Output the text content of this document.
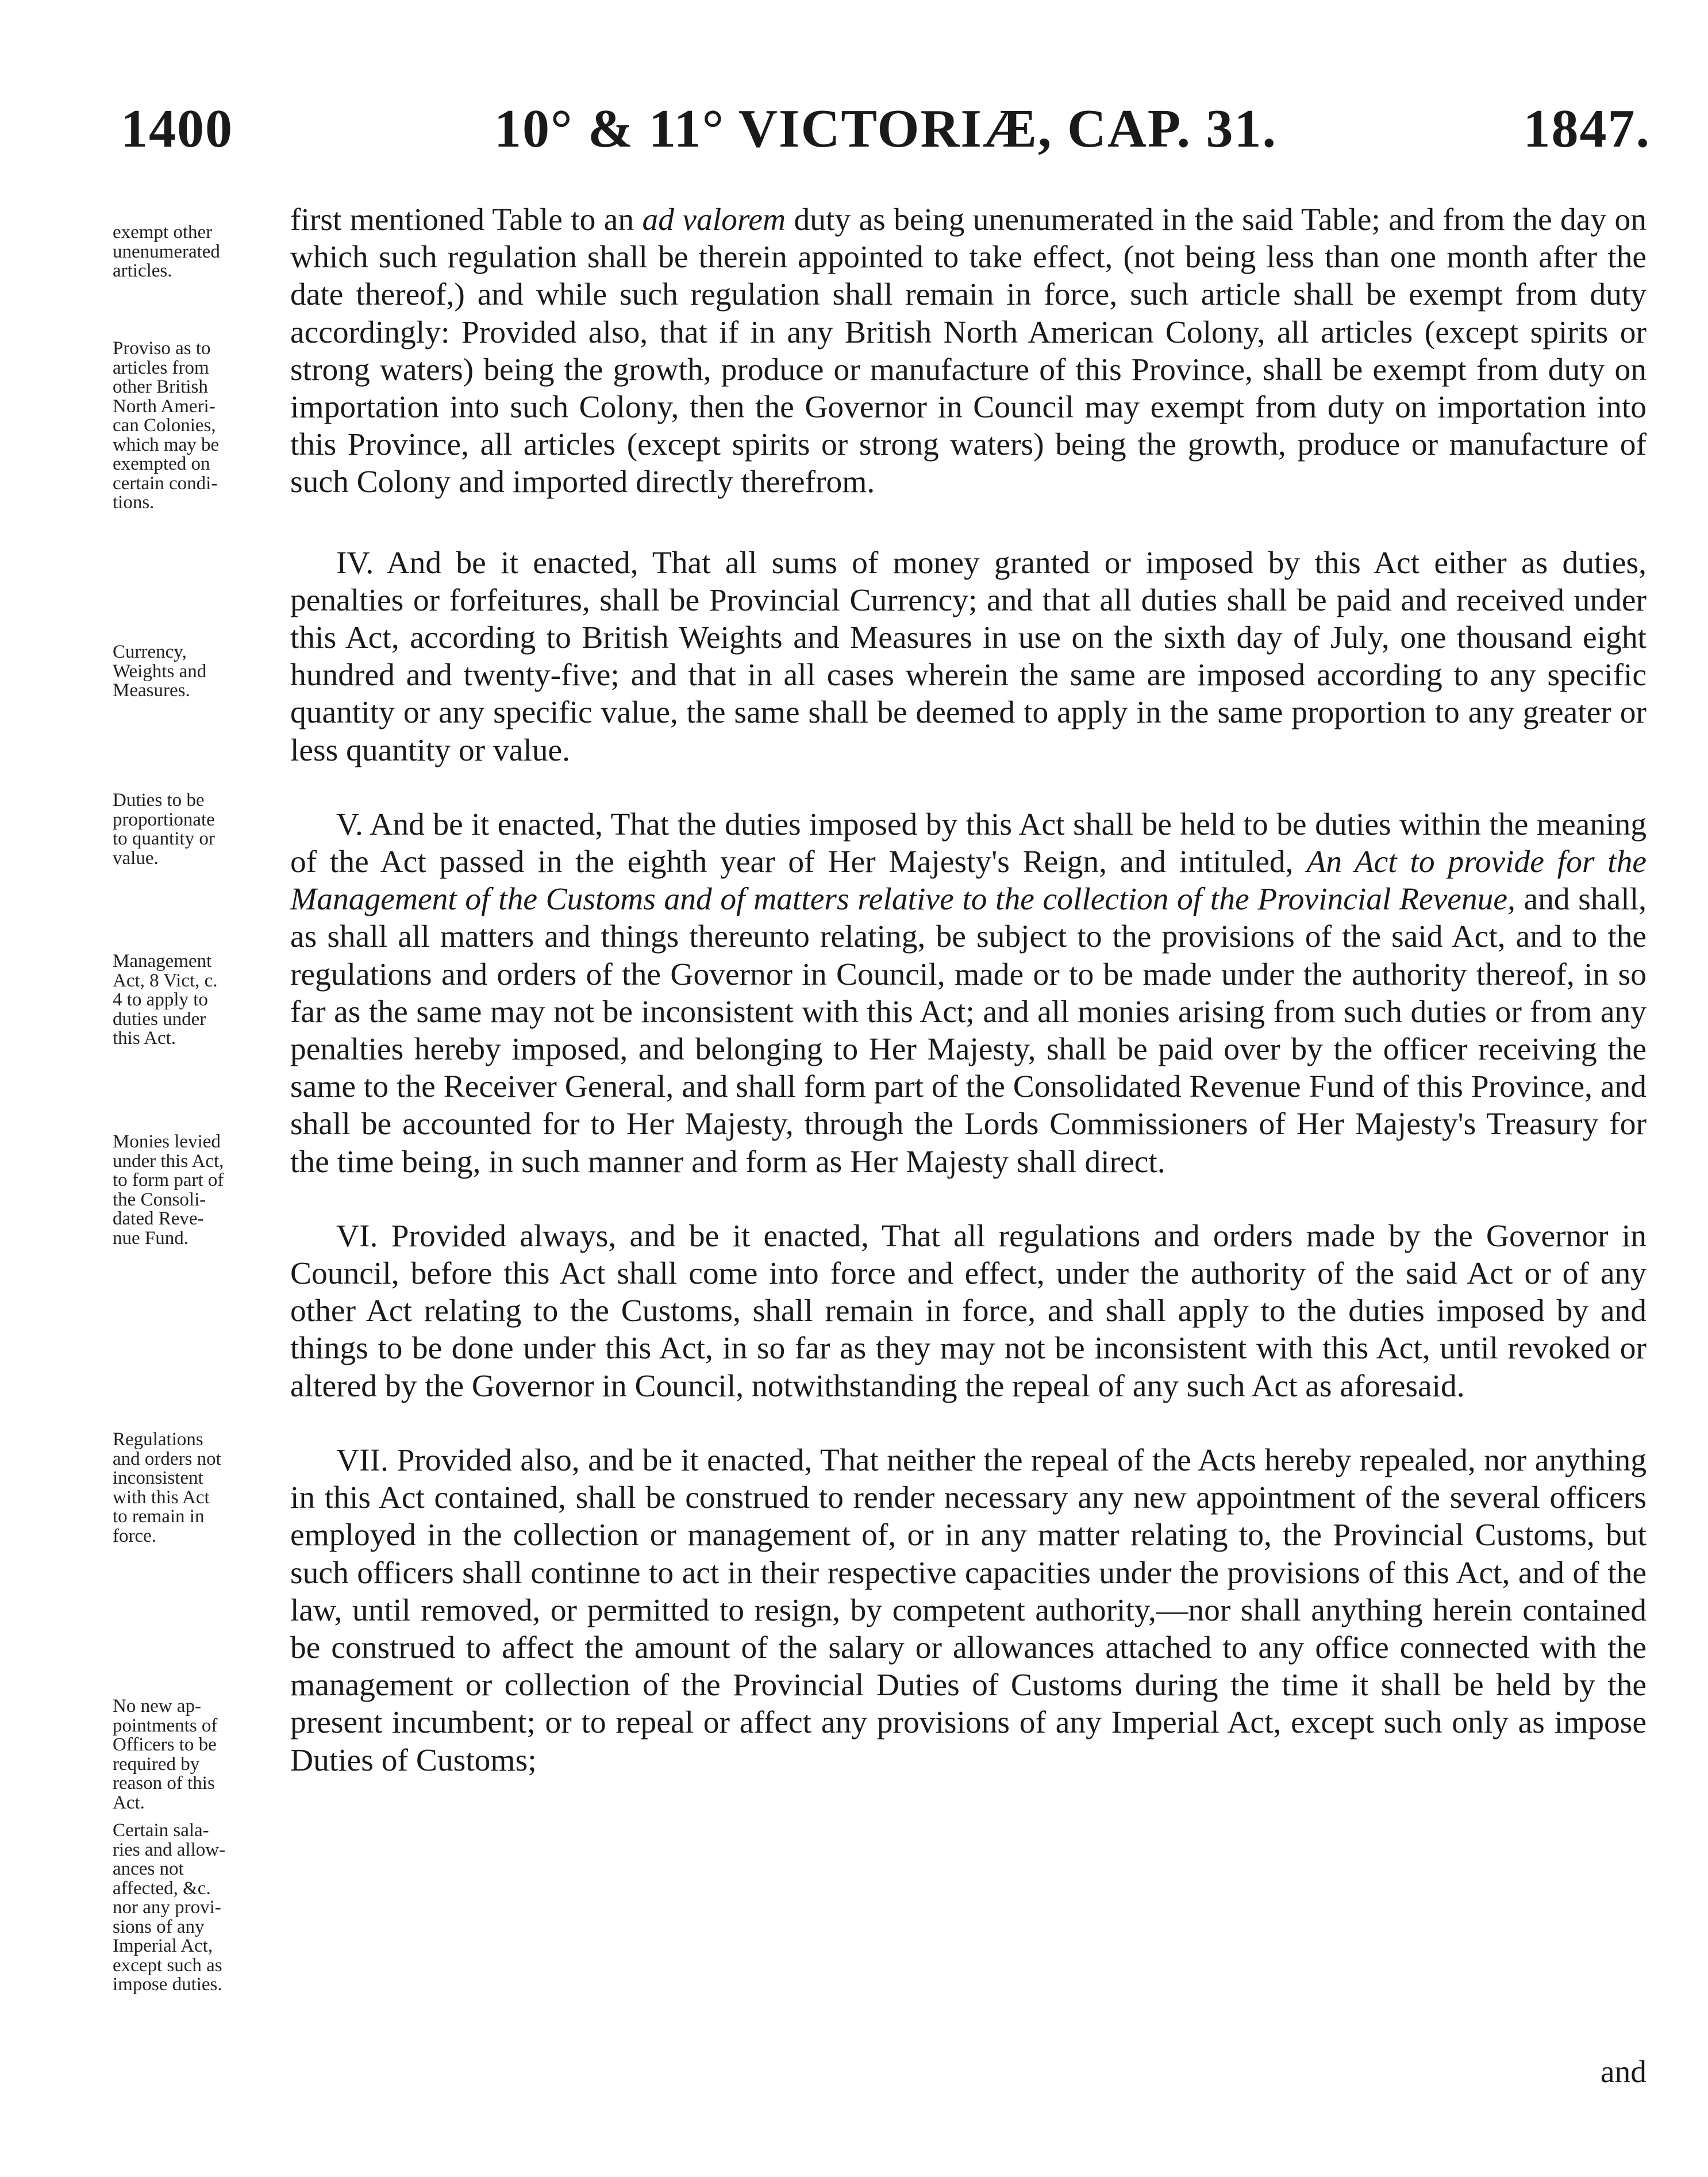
1400	10° & 11° VICTORIÆ, CAP. 31.	1847.
exempt other
unenumerated
articles.
Proviso as to
articles from
other British
North Ameri-
can Colonies,
which may be
exempted on
certain condi-
tions.
Currency,
Weights and
Measures.
Duties to be
proportionate
to quantity or
value.
Management
Act, 8 Vict, c.
4 to apply to
duties under
this Act.
Monies levied
under this Act,
to form part of
the Consoli-
dated Reve-
nue Fund.
Regulations
and orders not
inconsistent
with this Act
to remain in
force.
No new ap-
pointments of
Officers to be
required by
reason of this
Act.
Certain sala-
ries and allow-
ances not
affected, &c.
nor any provi-
sions of any
Imperial Act,
except such as
impose duties.

first mentioned Table to an ad valorem duty as being unenumerated in the said Table; and from the day on which such regulation shall be therein appointed to take effect, (not being less than one month after the date thereof,) and while such regulation shall remain in force, such article shall be exempt from duty accordingly: Provided also, that if in any British North American Colony, all articles (except spirits or strong waters) being the growth, produce or manufacture of this Province, shall be exempt from duty on importation into such Colony, then the Governor in Council may exempt from duty on importation into this Province, all articles (except spirits or strong waters) being the growth, produce or manufacture of such Colony and imported directly therefrom.

IV. And be it enacted, That all sums of money granted or imposed by this Act either as duties, penalties or forfeitures, shall be Provincial Currency; and that all duties shall be paid and received under this Act, according to British Weights and Measures in use on the sixth day of July, one thousand eight hundred and twenty-five; and that in all cases wherein the same are imposed according to any specific quantity or any specific value, the same shall be deemed to apply in the same proportion to any greater or less quantity or value.

V. And be it enacted, That the duties imposed by this Act shall be held to be duties within the meaning of the Act passed in the eighth year of Her Majesty's Reign, and intituled, An Act to provide for the Management of the Customs and of matters relative to the collection of the Provincial Revenue, and shall, as shall all matters and things thereunto relating, be subject to the provisions of the said Act, and to the regulations and orders of the Governor in Council, made or to be made under the authority thereof, in so far as the same may not be inconsistent with this Act; and all monies arising from such duties or from any penalties hereby imposed, and belonging to Her Majesty, shall be paid over by the officer receiving the same to the Receiver General, and shall form part of the Consolidated Revenue Fund of this Province, and shall be accounted for to Her Majesty, through the Lords Commissioners of Her Majesty's Treasury for the time being, in such manner and form as Her Majesty shall direct.

VI. Provided always, and be it enacted, That all regulations and orders made by the Governor in Council, before this Act shall come into force and effect, under the authority of the said Act or of any other Act relating to the Customs, shall remain in force, and shall apply to the duties imposed by and things to be done under this Act, in so far as they may not be inconsistent with this Act, until revoked or altered by the Governor in Council, notwithstanding the repeal of any such Act as aforesaid.

VII. Provided also, and be it enacted, That neither the repeal of the Acts hereby repealed, nor anything in this Act contained, shall be construed to render necessary any new appointment of the several officers employed in the collection or management of, or in any matter relating to, the Provincial Customs, but such officers shall continne to act in their respective capacities under the provisions of this Act, and of the law, until removed, or permitted to resign, by competent authority,—nor shall anything herein contained be construed to affect the amount of the salary or allowances attached to any office connected with the management or collection of the Provincial Duties of Customs during the time it shall be held by the present incumbent; or to repeal or affect any provisions of any Imperial Act, except such only as impose Duties of Customs;

and
